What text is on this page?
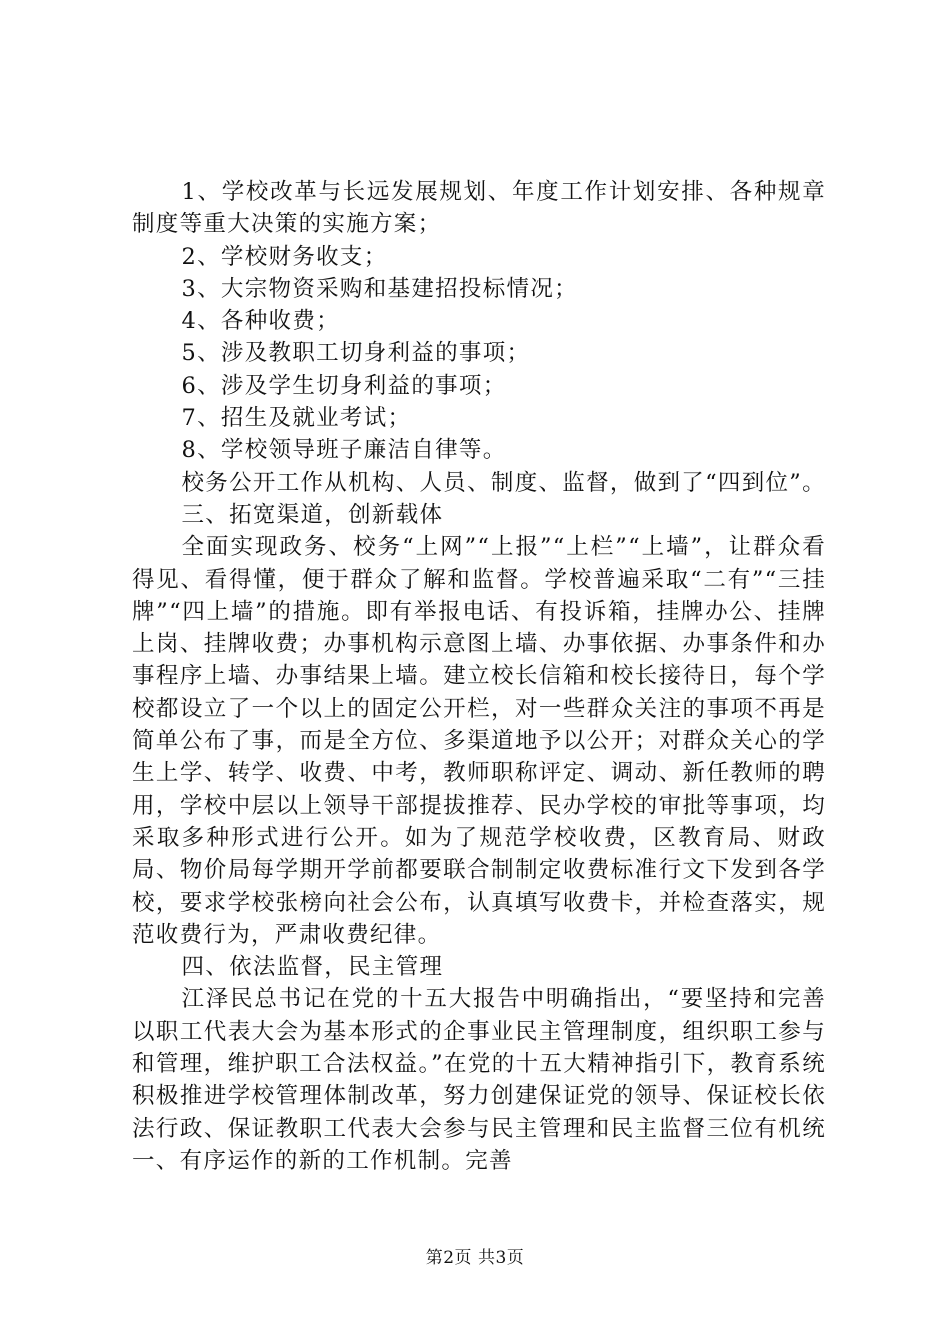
1、学校改革与长远发展规划、年度工作计划安排、各种规章制度等重大决策的实施方案；

2、学校财务收支；

3、大宗物资采购和基建招投标情况；

4、各种收费；

5、涉及教职工切身利益的事项；

6、涉及学生切身利益的事项；

7、招生及就业考试；

8、学校领导班子廉洁自律等。

校务公开工作从机构、人员、制度、监督，做到了“四到位”。

三、拓宽渠道，创新载体

全面实现政务、校务“上网”“上报”“上栏”“上墙”，让群众看得见、看得懂，便于群众了解和监督。学校普遍采取“二有”“三挂牌”“四上墙”的措施。即有举报电话、有投诉箱，挂牌办公、挂牌上岗、挂牌收费；办事机构示意图上墙、办事依据、办事条件和办事程序上墙、办事结果上墙。建立校长信箱和校长接待日，每个学校都设立了一个以上的固定公开栏，对一些群众关注的事项不再是简单公布了事，而是全方位、多渠道地予以公开；对群众关心的学生上学、转学、收费、中考，教师职称评定、调动、新任教师的聘用，学校中层以上领导干部提拔推荐、民办学校的审批等事项，均采取多种形式进行公开。如为了规范学校收费，区教育局、财政局、物价局每学期开学前都要联合制制定收费标准行文下发到各学校，要求学校张榜向社会公布，认真填写收费卡，并检查落实，规范收费行为，严肃收费纪律。

四、依法监督，民主管理

江泽民总书记在党的十五大报告中明确指出，“要坚持和完善以职工代表大会为基本形式的企事业民主管理制度，组织职工参与和管理，维护职工合法权益。”在党的十五大精神指引下，教育系统积极推进学校管理体制改革，努力创建保证党的领导、保证校长依法行政、保证教职工代表大会参与民主管理和民主监督三位有机统一、有序运作的新的工作机制。完善

第2页 共3页
